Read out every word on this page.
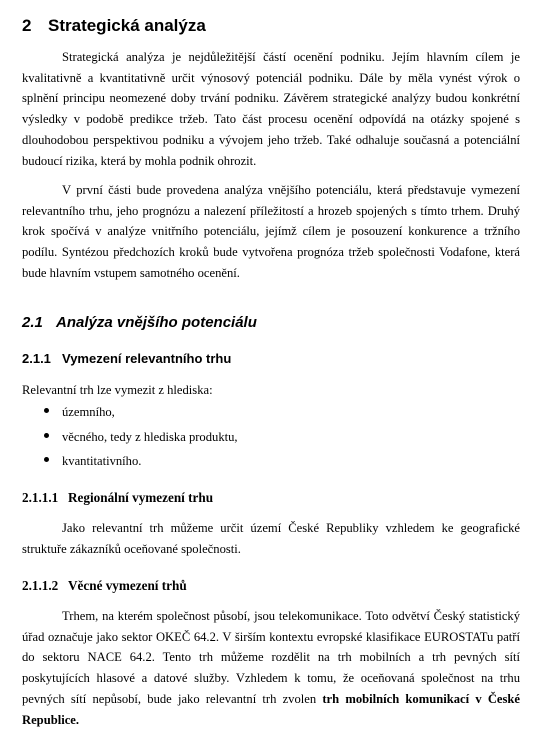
2 Strategická analýza

Strategická analýza je nejdůležitější částí ocenění podniku. Jejím hlavním cílem je kvalitativně a kvantitativně určit výnosový potenciál podniku. Dále by měla vynést výrok o splnění principu neomezené doby trvání podniku. Závěrem strategické analýzy budou konkrétní výsledky v podobě predikce tržeb. Tato část procesu ocenění odpovídá na otázky spojené s dlouhodobou perspektivou podniku a vývojem jeho tržeb. Také odhaluje současná a potenciální budoucí rizika, která by mohla podnik ohrozit.

V první části bude provedena analýza vnějšího potenciálu, která představuje vymezení relevantního trhu, jeho prognózu a nalezení příležitostí a hrozeb spojených s tímto trhem. Druhý krok spočívá v analýze vnitřního potenciálu, jejímž cílem je posouzení konkurence a tržního podílu. Syntézou předchozích kroků bude vytvořena prognóza tržeb společnosti Vodafone, která bude hlavním vstupem samotného ocenění.

2.1 Analýza vnějšího potenciálu
2.1.1 Vymezení relevantního trhu
Relevantní trh lze vymezit z hlediska:
územního,
věcného, tedy z hlediska produktu,
kvantitativního.
2.1.1.1 Regionální vymezení trhu

Jako relevantní trh můžeme určit území České Republiky vzhledem ke geografické struktuře zákazníků oceňované společnosti.

2.1.1.2 Věcné vymezení trhů

Trhem, na kterém společnost působí, jsou telekomunikace. Toto odvětví Český statistický úřad označuje jako sektor OKEČ 64.2. V širším kontextu evropské klasifikace EUROSTATu patří do sektoru NACE 64.2. Tento trh můžeme rozdělit na trh mobilních a trh pevných sítí poskytujících hlasové a datové služby. Vzhledem k tomu, že oceňovaná společnost na trhu pevných sítí nepůsobí, bude jako relevantní trh zvolen trh mobilních komunikací v České Republice.
